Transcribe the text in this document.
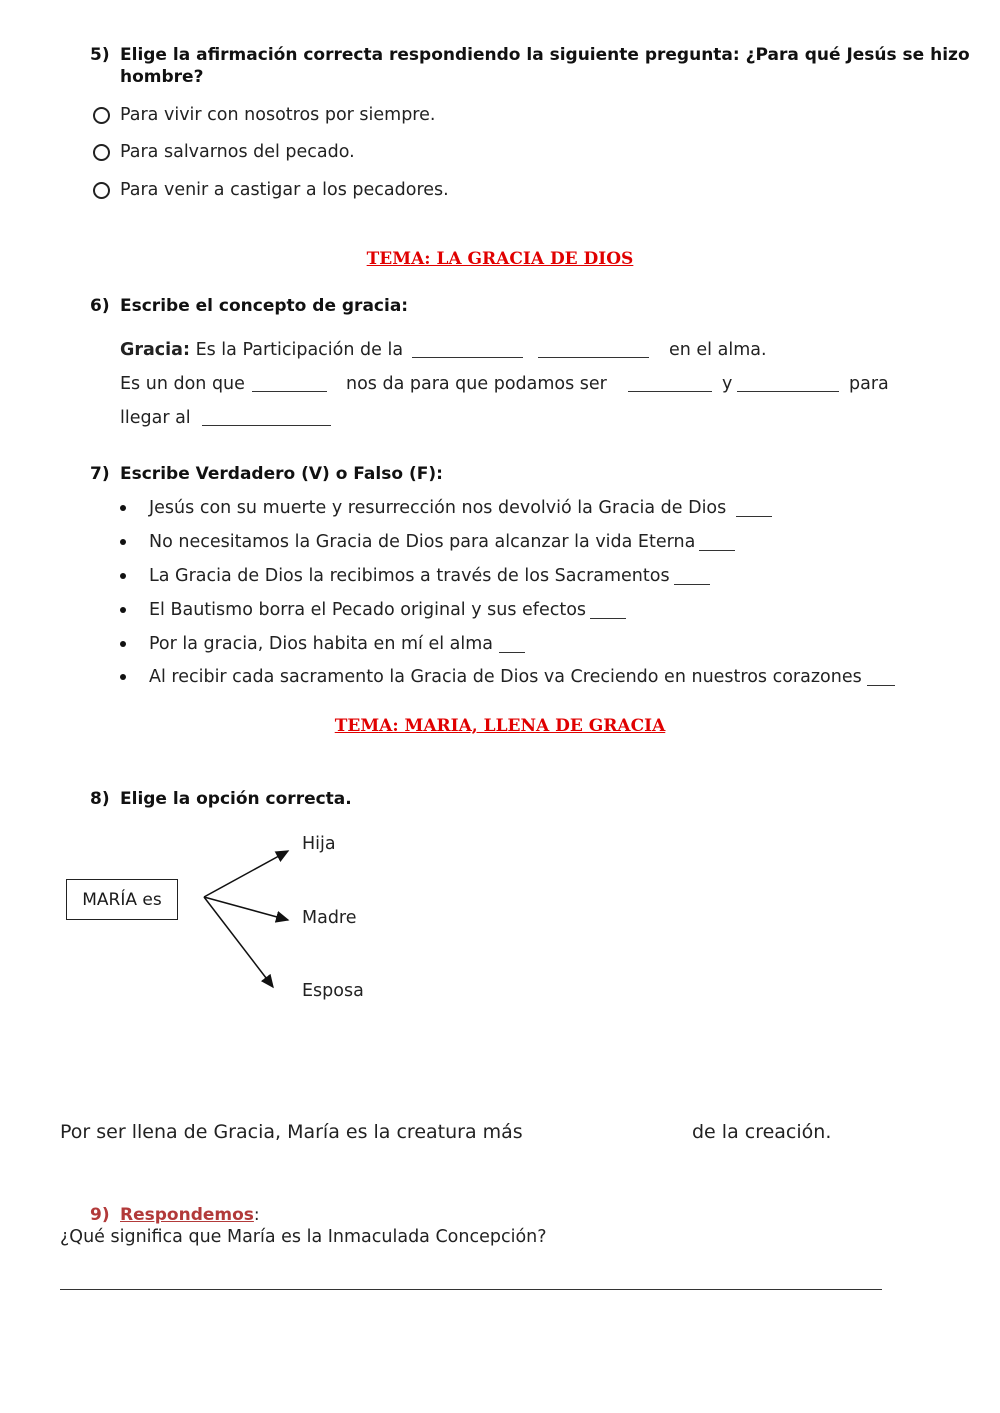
5) Elige la afirmación correcta respondiendo la siguiente pregunta: ¿Para qué Jesús se hizo
hombre?
Para vivir con nosotros por siempre.
Para salvarnos del pecado.
Para venir a castigar a los pecadores.
TEMA: LA GRACIA DE DIOS
6) Escribe el concepto de gracia:
Gracia: Es la Participación de la	en el alma.
Es un don que	nos da para que podamos ser	y	para
llegar al
7) Escribe Verdadero (V) o Falso (F):
Jesús con su muerte y resurrección nos devolvió la Gracia de Dios
No necesitamos la Gracia de Dios para alcanzar la vida Eterna
La Gracia de Dios la recibimos a través de los Sacramentos
El Bautismo borra el Pecado original y sus efectos
Por la gracia, Dios habita en mí el alma
Al recibir cada sacramento la Gracia de Dios va Creciendo en nuestros corazones
TEMA: MARIA, LLENA DE GRACIA
8) Elige la opción correcta.
MARÍA es
Hija
Madre
Esposa
Por ser llena de Gracia, María es la creatura más	de la creación.
9) Respondemos:
¿Qué significa que María es la Inmaculada Concepción?
